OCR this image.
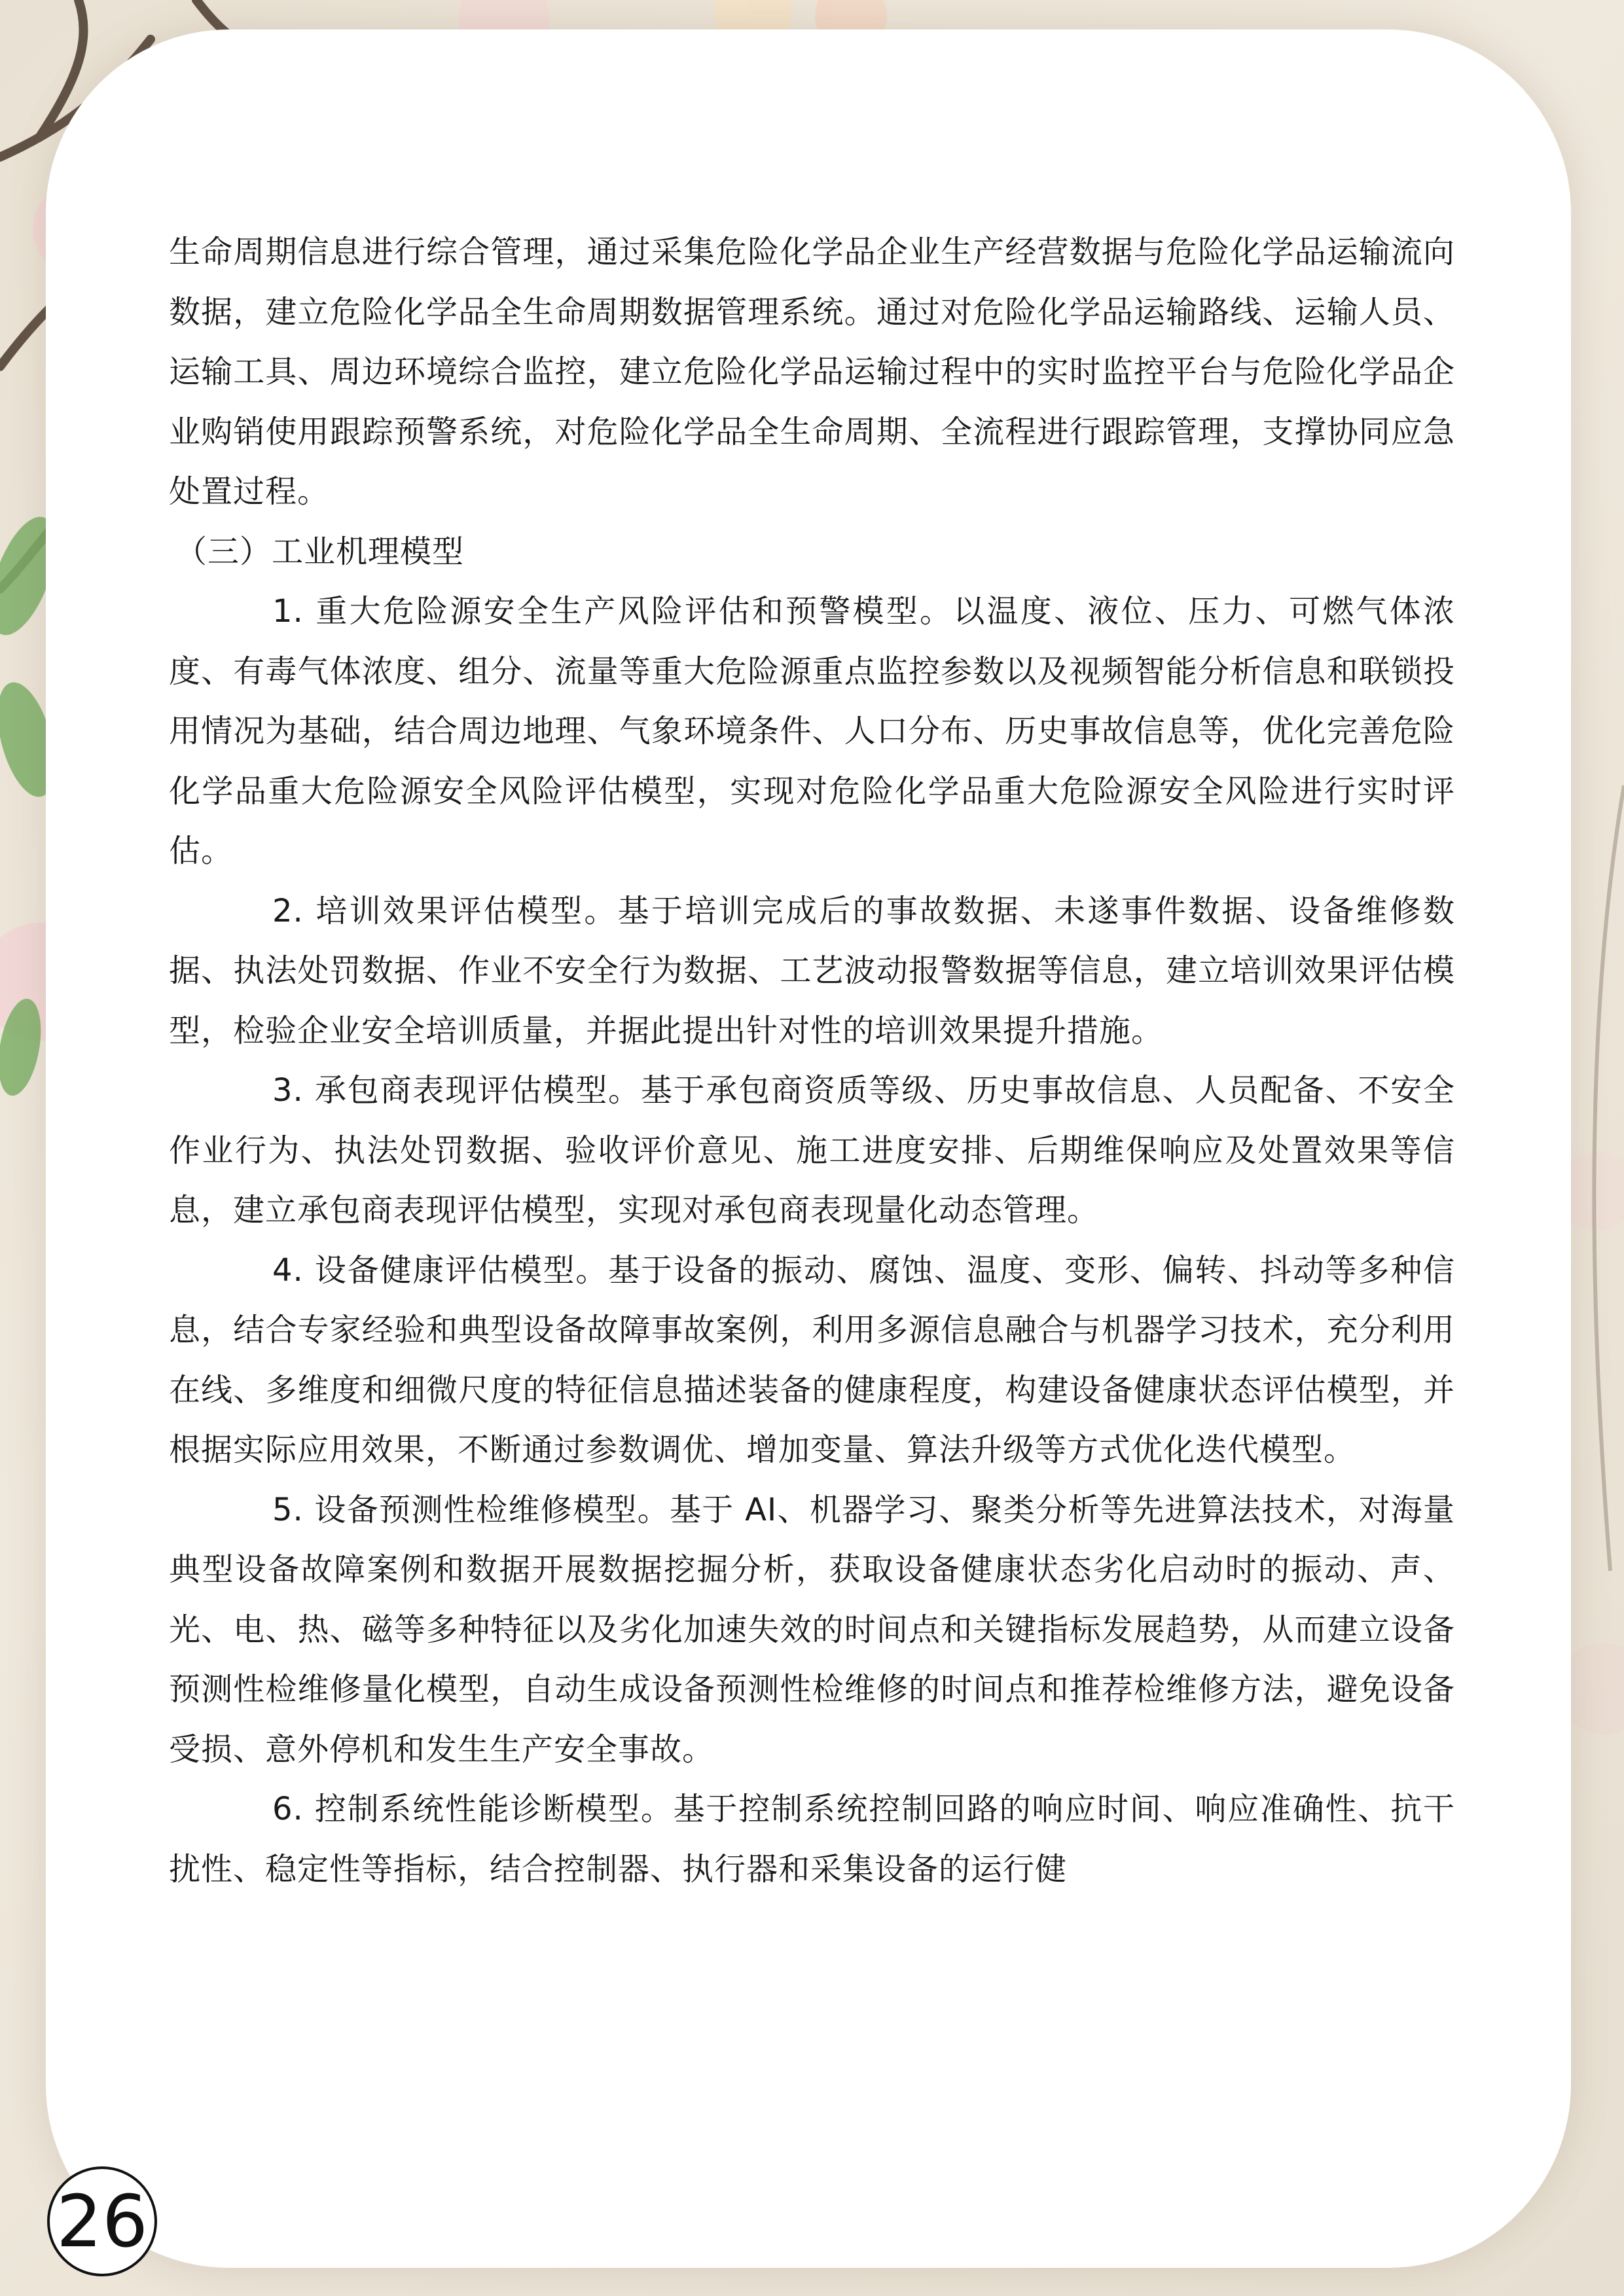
生命周期信息进行综合管理，通过采集危险化学品企业生产经营数据与危险化学品运输流向数据，建立危险化学品全生命周期数据管理系统。通过对危险化学品运输路线、运输人员、运输工具、周边环境综合监控，建立危险化学品运输过程中的实时监控平台与危险化学品企业购销使用跟踪预警系统，对危险化学品全生命周期、全流程进行跟踪管理，支撑协同应急处置过程。

（三）工业机理模型

1. 重大危险源安全生产风险评估和预警模型。以温度、液位、压力、可燃气体浓度、有毒气体浓度、组分、流量等重大危险源重点监控参数以及视频智能分析信息和联锁投用情况为基础，结合周边地理、气象环境条件、人口分布、历史事故信息等，优化完善危险化学品重大危险源安全风险评估模型，实现对危险化学品重大危险源安全风险进行实时评估。

2. 培训效果评估模型。基于培训完成后的事故数据、未遂事件数据、设备维修数据、执法处罚数据、作业不安全行为数据、工艺波动报警数据等信息，建立培训效果评估模型，检验企业安全培训质量，并据此提出针对性的培训效果提升措施。

3. 承包商表现评估模型。基于承包商资质等级、历史事故信息、人员配备、不安全作业行为、执法处罚数据、验收评价意见、施工进度安排、后期维保响应及处置效果等信息，建立承包商表现评估模型，实现对承包商表现量化动态管理。

4. 设备健康评估模型。基于设备的振动、腐蚀、温度、变形、偏转、抖动等多种信息，结合专家经验和典型设备故障事故案例，利用多源信息融合与机器学习技术，充分利用在线、多维度和细微尺度的特征信息描述装备的健康程度，构建设备健康状态评估模型，并根据实际应用效果，不断通过参数调优、增加变量、算法升级等方式优化迭代模型。

5. 设备预测性检维修模型。基于 AI、机器学习、聚类分析等先进算法技术，对海量典型设备故障案例和数据开展数据挖掘分析，获取设备健康状态劣化启动时的振动、声、光、电、热、磁等多种特征以及劣化加速失效的时间点和关键指标发展趋势，从而建立设备预测性检维修量化模型，自动生成设备预测性检维修的时间点和推荐检维修方法，避免设备受损、意外停机和发生生产安全事故。

6. 控制系统性能诊断模型。基于控制系统控制回路的响应时间、响应准确性、抗干扰性、稳定性等指标，结合控制器、执行器和采集设备的运行健

26
